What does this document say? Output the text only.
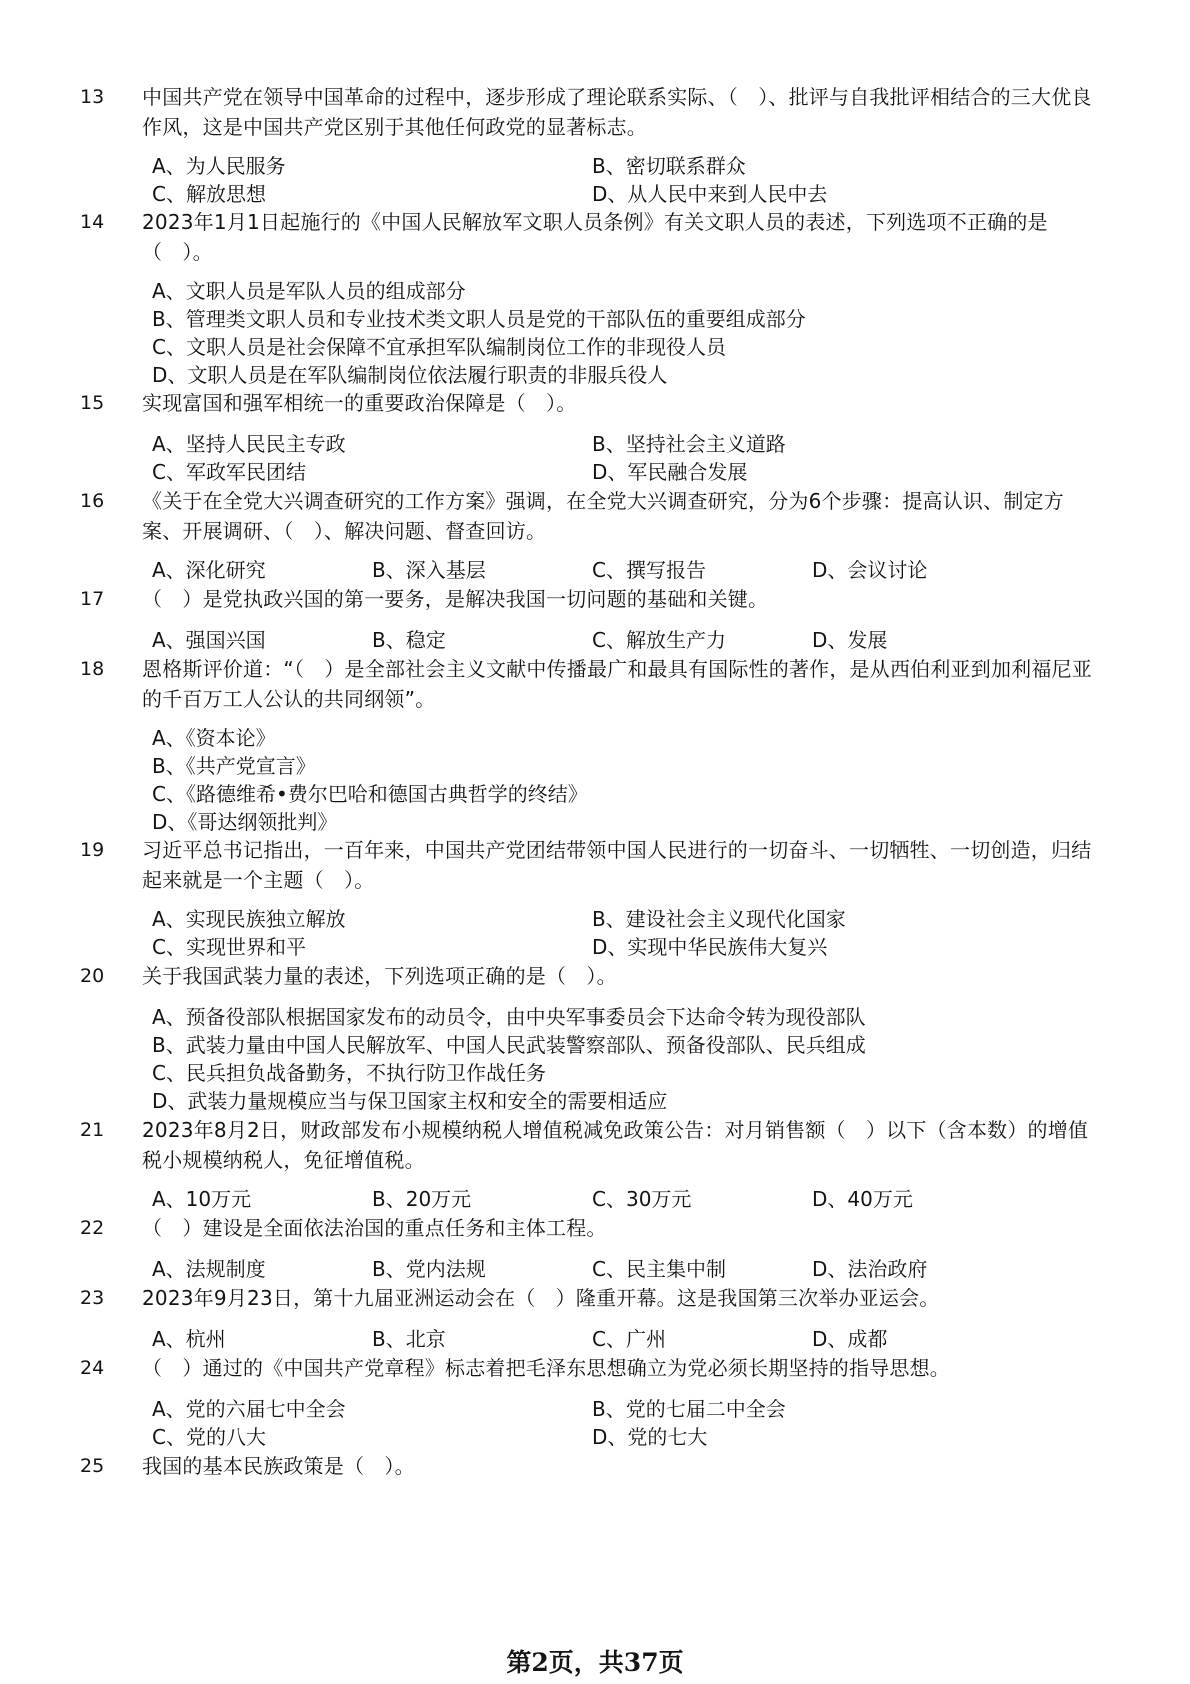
13 中国共产党在领导中国革命的过程中，逐步形成了理论联系实际、（　）、批评与自我批评相结合的三大优良作风，这是中国共产党区别于其他任何政党的显著标志。
A、为人民服务	B、密切联系群众
C、解放思想	D、从人民中来到人民中去
14 2023年1月1日起施行的《中国人民解放军文职人员条例》有关文职人员的表述，下列选项不正确的是（　）。
A、文职人员是军队人员的组成部分
B、管理类文职人员和专业技术类文职人员是党的干部队伍的重要组成部分
C、文职人员是社会保障不宜承担军队编制岗位工作的非现役人员
D、文职人员是在军队编制岗位依法履行职责的非服兵役人
15 实现富国和强军相统一的重要政治保障是（　）。
A、坚持人民民主专政	B、坚持社会主义道路
C、军政军民团结	D、军民融合发展
16 《关于在全党大兴调查研究的工作方案》强调，在全党大兴调查研究，分为6个步骤：提高认识、制定方案、开展调研、（　）、解决问题、督查回访。
A、深化研究	B、深入基层	C、撰写报告	D、会议讨论
17 （　）是党执政兴国的第一要务，是解决我国一切问题的基础和关键。
A、强国兴国	B、稳定	C、解放生产力	D、发展
18 恩格斯评价道：“（　）是全部社会主义文献中传播最广和最具有国际性的著作，是从西伯利亚到加利福尼亚的千百万工人公认的共同纲领”。
A、《资本论》
B、《共产党宣言》
C、《路德维希•费尔巴哈和德国古典哲学的终结》
D、《哥达纲领批判》
19 习近平总书记指出，一百年来，中国共产党团结带领中国人民进行的一切奋斗、一切牺牲、一切创造，归结起来就是一个主题（　）。
A、实现民族独立解放	B、建设社会主义现代化国家
C、实现世界和平	D、实现中华民族伟大复兴
20 关于我国武装力量的表述，下列选项正确的是（　）。
A、预备役部队根据国家发布的动员令，由中央军事委员会下达命令转为现役部队
B、武装力量由中国人民解放军、中国人民武装警察部队、预备役部队、民兵组成
C、民兵担负战备勤务，不执行防卫作战任务
D、武装力量规模应当与保卫国家主权和安全的需要相适应
21 2023年8月2日，财政部发布小规模纳税人增值税减免政策公告：对月销售额（　）以下（含本数）的增值税小规模纳税人，免征增值税。
A、10万元	B、20万元	C、30万元	D、40万元
22 （　）建设是全面依法治国的重点任务和主体工程。
A、法规制度	B、党内法规	C、民主集中制	D、法治政府
23 2023年9月23日，第十九届亚洲运动会在（　）隆重开幕。这是我国第三次举办亚运会。
A、杭州	B、北京	C、广州	D、成都
24 （　）通过的《中国共产党章程》标志着把毛泽东思想确立为党必须长期坚持的指导思想。
A、党的六届七中全会	B、党的七届二中全会
C、党的八大	D、党的七大
25 我国的基本民族政策是（　）。
第2页，共37页
